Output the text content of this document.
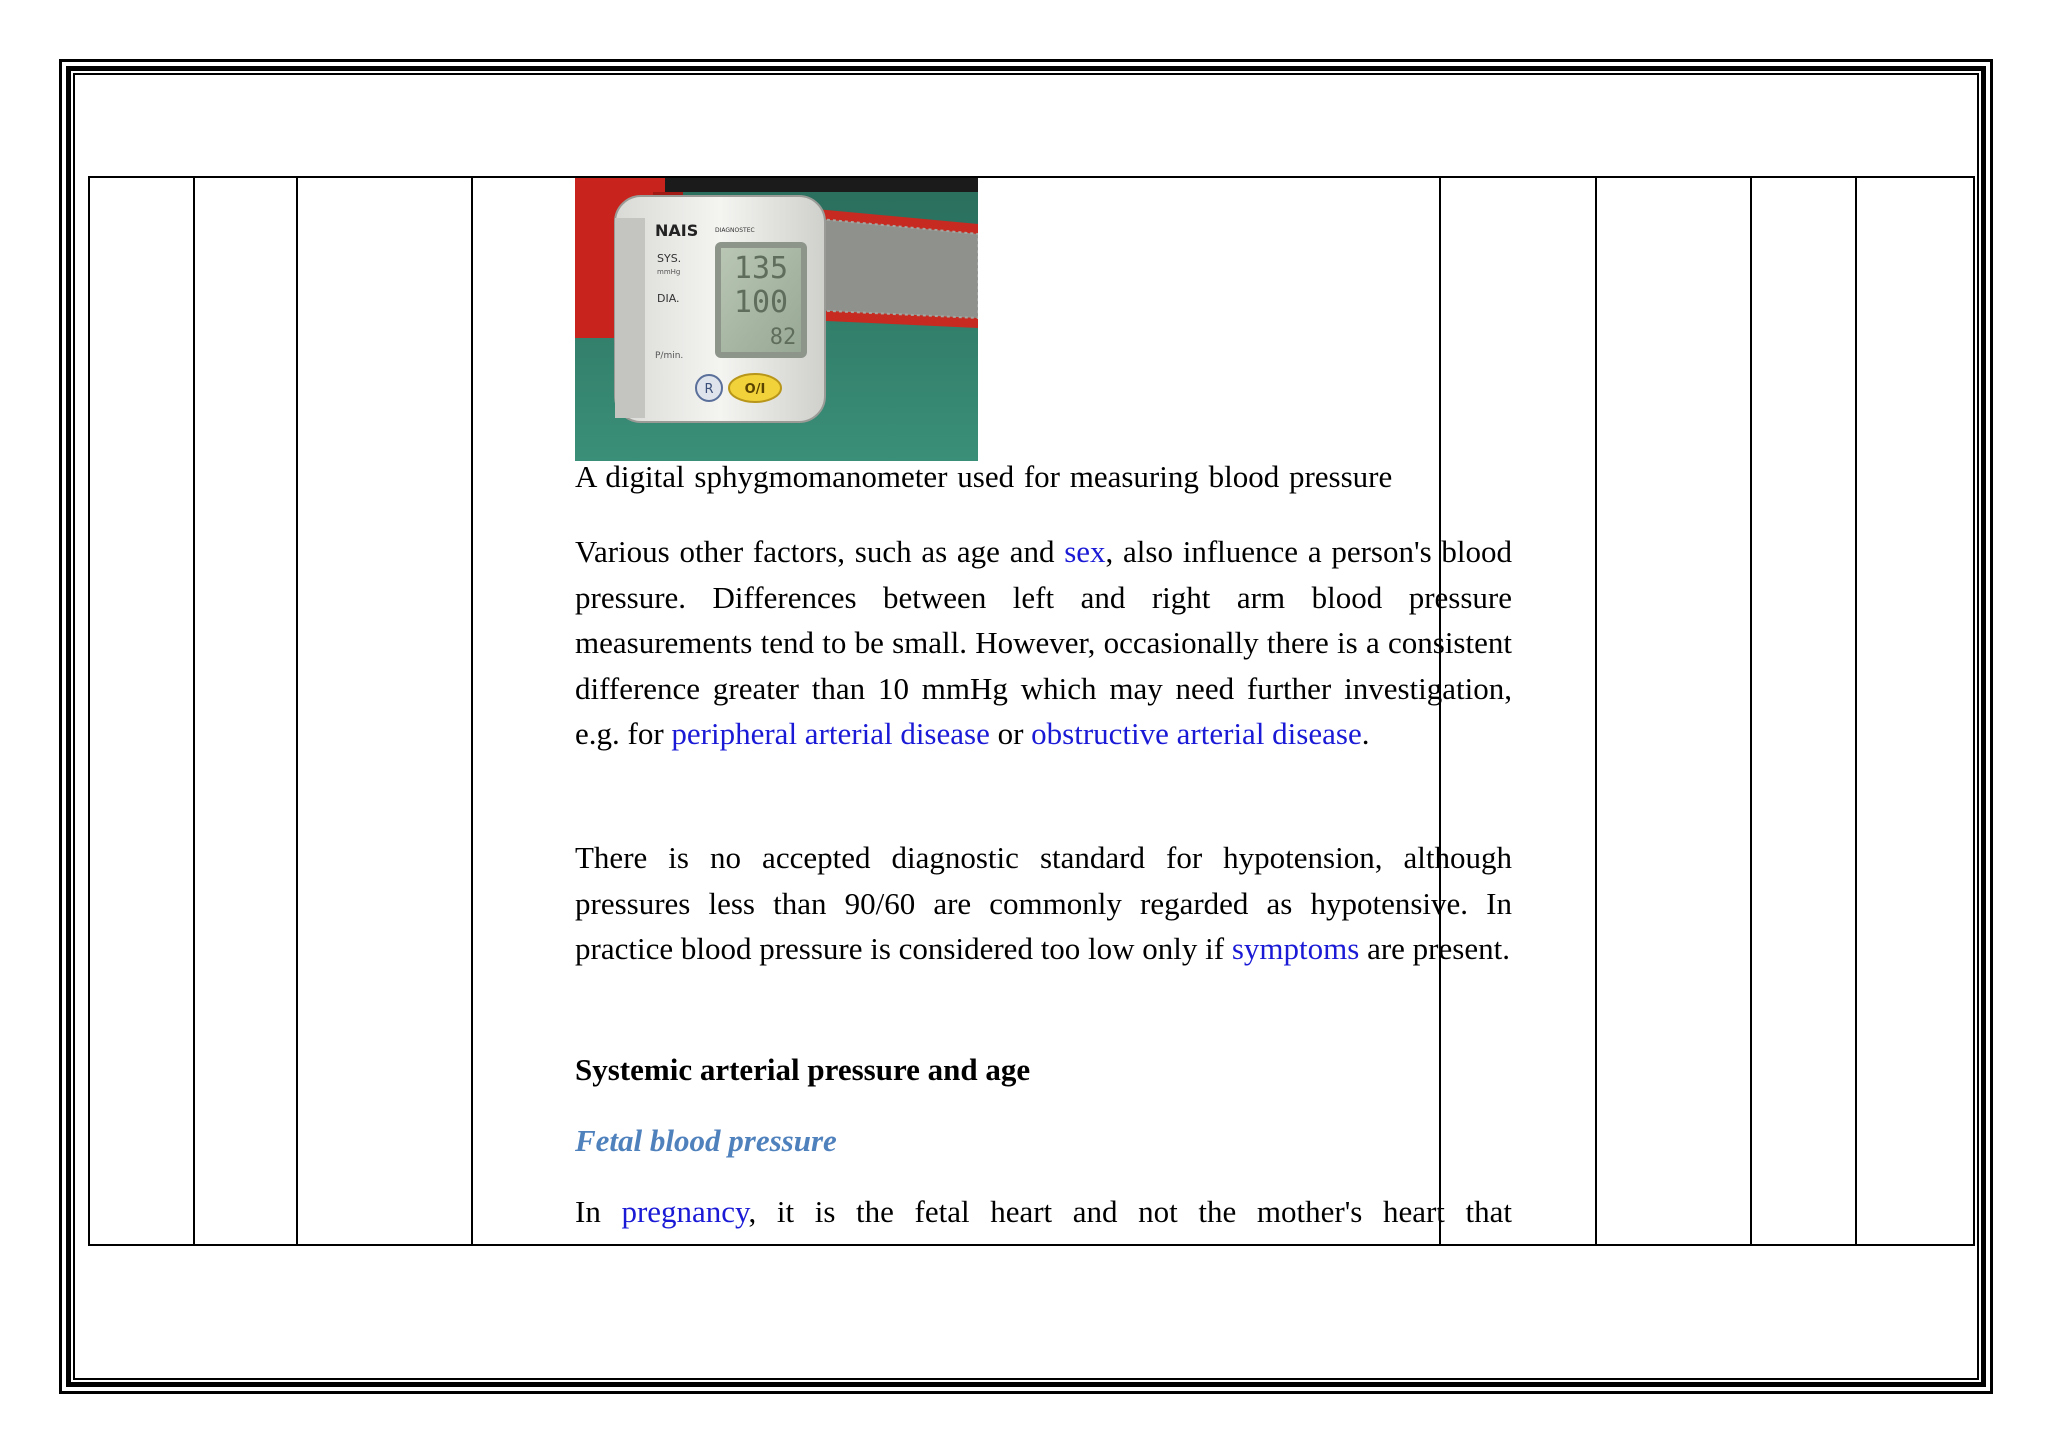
135
100
82
NAIS	DIAGNOSTEC
SYS.
mmHg
DIA.
P/min.
R O/I
A digital sphygmomanometer used for measuring blood pressure
Various other factors, such as age and sex, also influence a person's blood pressure. Differences between left and right arm blood pressure measurements tend to be small. However, occasionally there is a consistent difference greater than 10 mmHg which may need further investigation, e.g. for peripheral arterial disease or obstructive arterial disease.
There is no accepted diagnostic standard for hypotension, although pressures less than 90/60 are commonly regarded as hypotensive. In practice blood pressure is considered too low only if symptoms are present.
Systemic arterial pressure and age
Fetal blood pressure
In pregnancy, it is the fetal heart and not the mother's heart that
